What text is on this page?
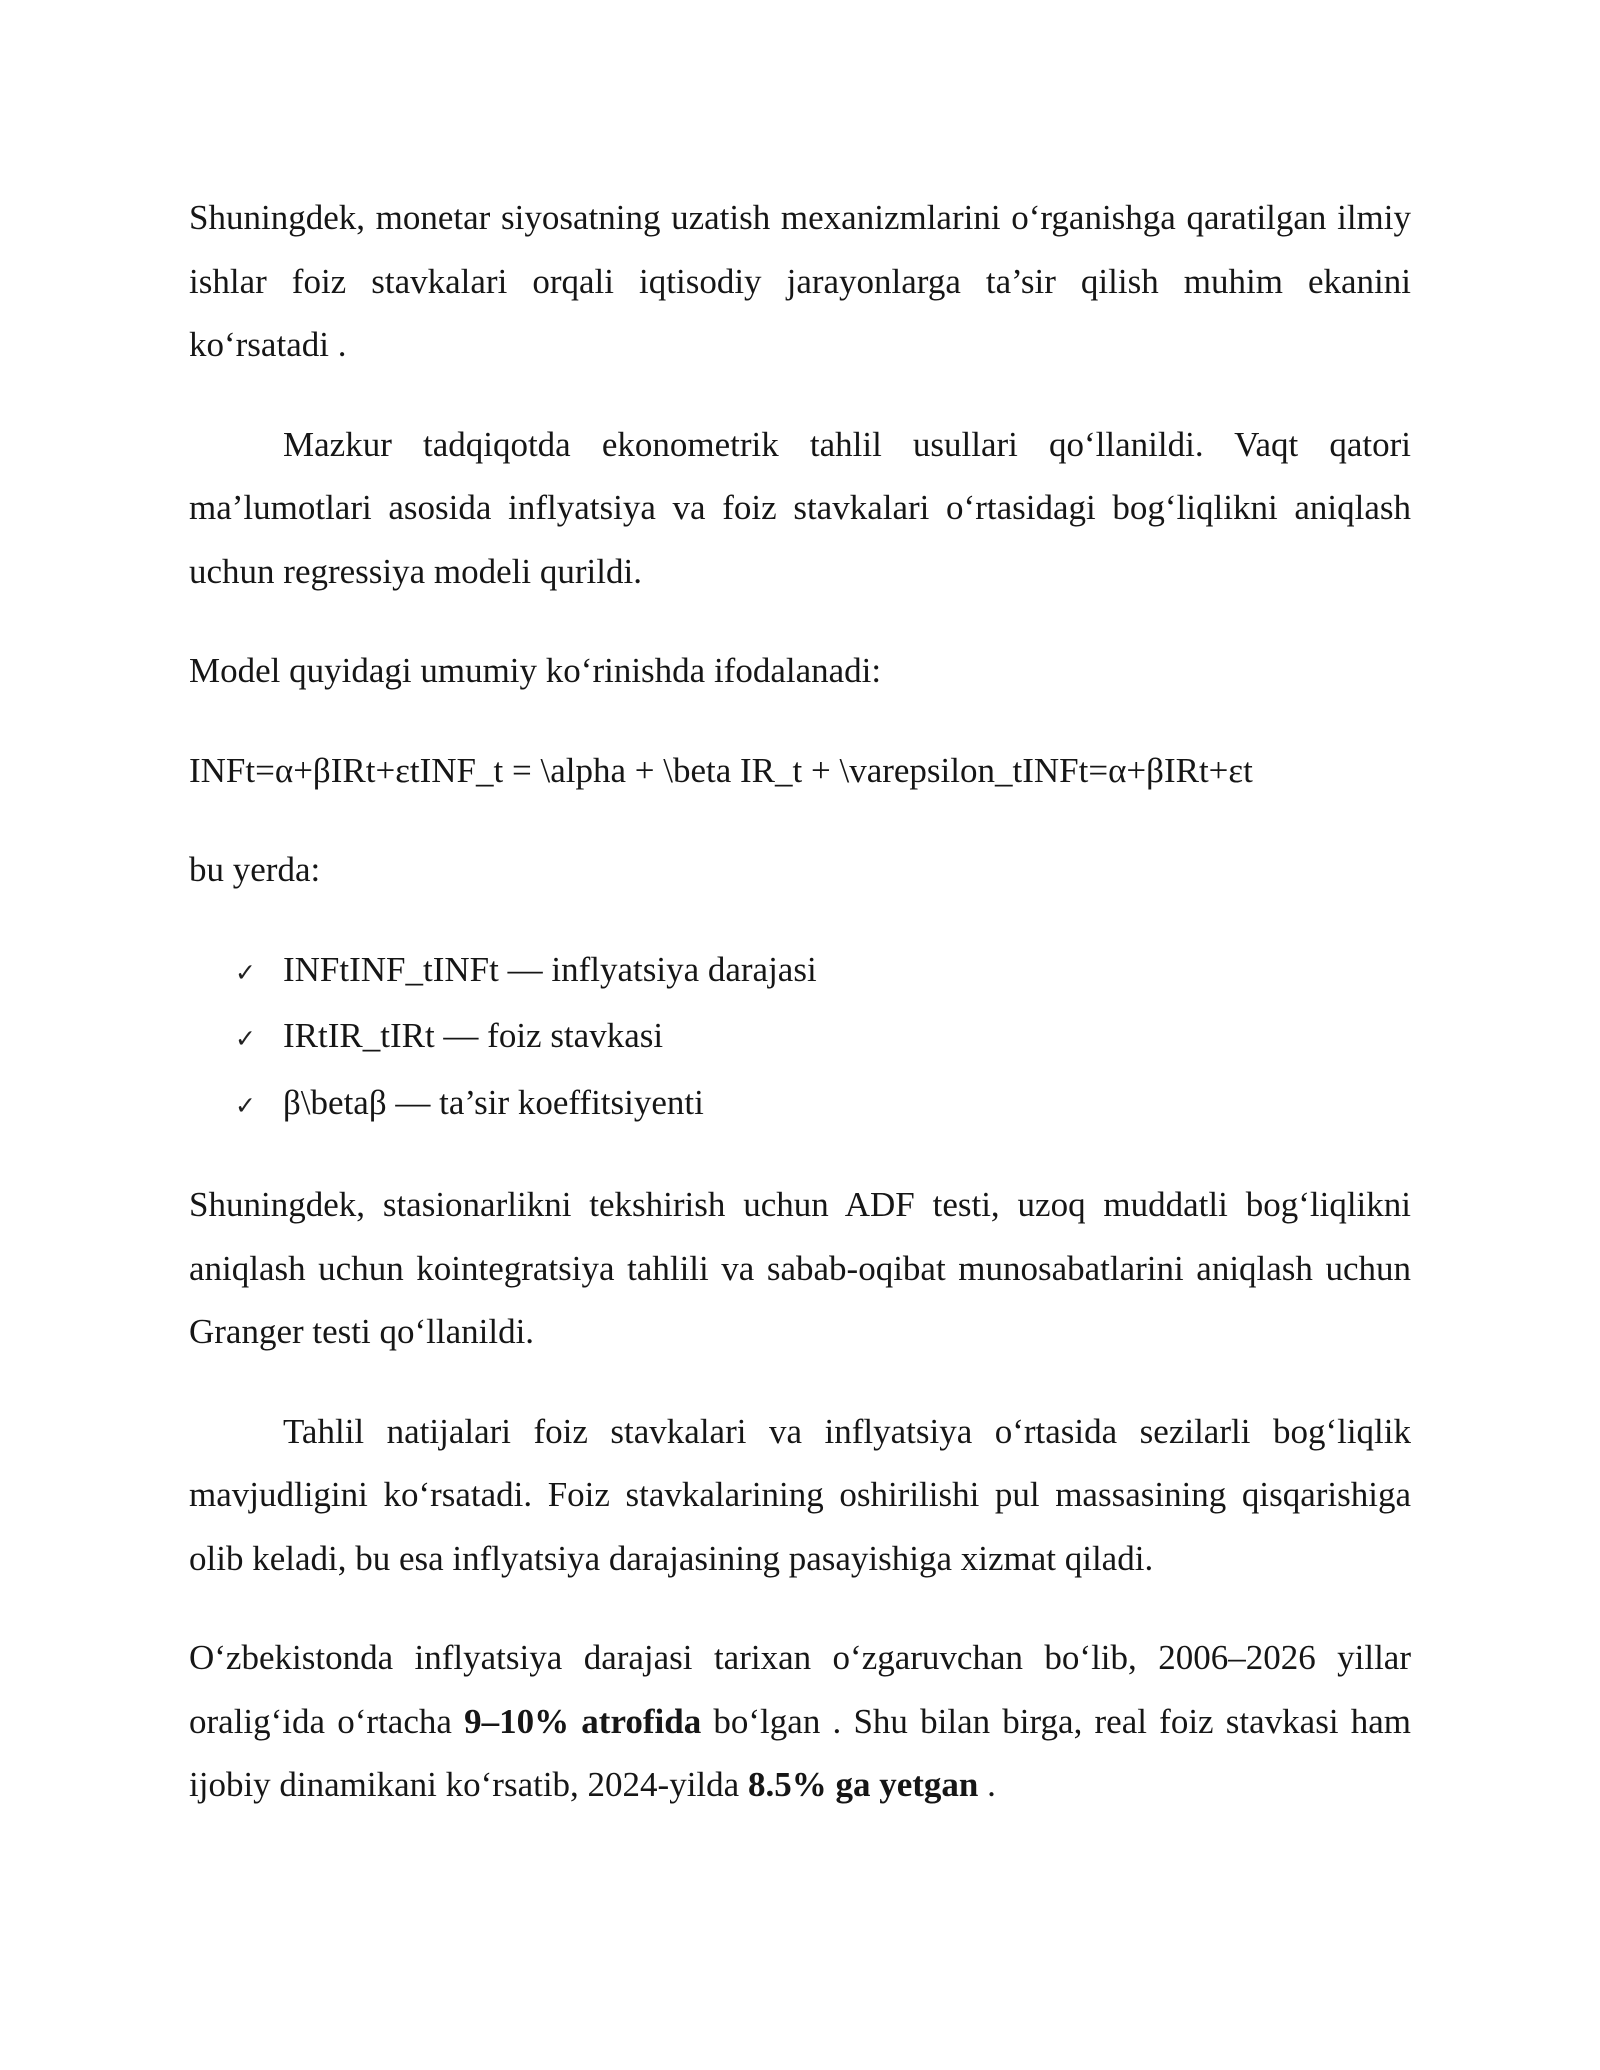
Shuningdek, monetar siyosatning uzatish mexanizmlarini o‘rganishga qaratilgan ilmiy ishlar foiz stavkalari orqali iqtisodiy jarayonlarga ta’sir qilish muhim ekanini ko‘rsatadi .

Mazkur tadqiqotda ekonometrik tahlil usullari qo‘llanildi. Vaqt qatori ma’lumotlari asosida inflyatsiya va foiz stavkalari o‘rtasidagi bog‘liqlikni aniqlash uchun regressiya modeli qurildi.

Model quyidagi umumiy ko‘rinishda ifodalanadi:

INFt=α+βIRt+εtINF_t = \alpha + \beta IR_t + \varepsilon_tINFt=α+βIRt+εt

bu yerda:

✓ INFtINF_tINFt — inflyatsiya darajasi
✓ IRtIR_tIRt — foiz stavkasi
✓ β\betaβ — ta’sir koeffitsiyenti

Shuningdek, stasionarlikni tekshirish uchun ADF testi, uzoq muddatli bog‘liqlikni aniqlash uchun kointegratsiya tahlili va sabab-oqibat munosabatlarini aniqlash uchun Granger testi qo‘llanildi.

Tahlil natijalari foiz stavkalari va inflyatsiya o‘rtasida sezilarli bog‘liqlik mavjudligini ko‘rsatadi. Foiz stavkalarining oshirilishi pul massasining qisqarishiga olib keladi, bu esa inflyatsiya darajasining pasayishiga xizmat qiladi.

O‘zbekistonda inflyatsiya darajasi tarixan o‘zgaruvchan bo‘lib, 2006–2026 yillar oralig‘ida o‘rtacha 9–10% atrofida bo‘lgan . Shu bilan birga, real foiz stavkasi ham ijobiy dinamikani ko‘rsatib, 2024-yilda 8.5% ga yetgan .
